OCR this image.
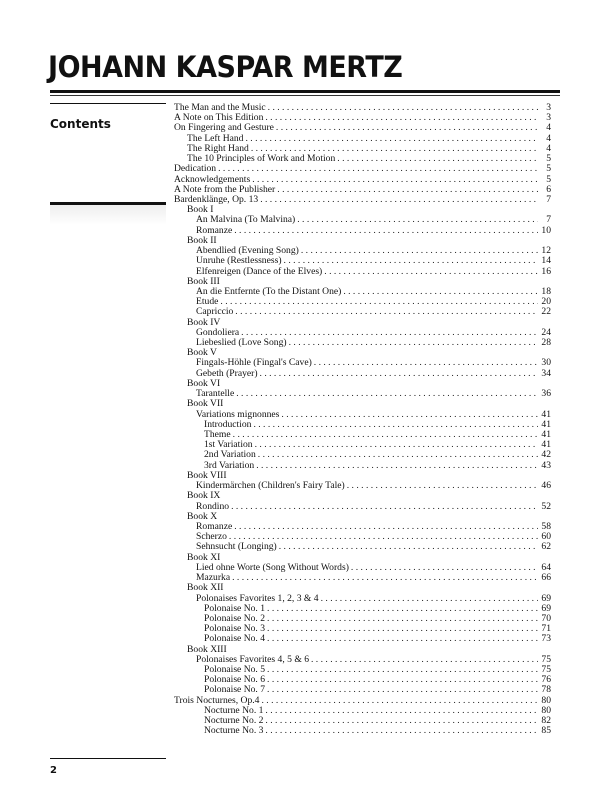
JOHANN KASPAR MERTZ
Contents
The Man and the Music . . .	3
A Note on This Edition . . .	3
On Fingering and Gesture . . .	4
The Left Hand . . .	4
The Right Hand . . .	4
The 10 Principles of Work and Motion . . .	5
Dedication . . .	5
Acknowledgements . . .	5
A Note from the Publisher . . .	6
Bardenklänge, Op. 13 . . .	7
Book I
An Malvina (To Malvina) . . .	7
Romanze . . .	10
Book II
Abendlied (Evening Song) . . .	12
Unruhe (Restlessness) . . .	14
Elfenreigen (Dance of the Elves) . . .	16
Book III
An die Entfernte (To the Distant One) . . .	18
Etude . . .	20
Capriccio . . .	22
Book IV
Gondoliera . . .	24
Liebeslied (Love Song) . . .	28
Book V
Fingals-Höhle (Fingal's Cave) . . .	30
Gebeth (Prayer) . . .	34
Book VI
Tarantelle . . .	36
Book VII
Variations mignonnes . . .	41
Introduction . . .	41
Theme . . .	41
1st Variation . . .	41
2nd Variation . . .	42
3rd Variation . . .	43
Book VIII
Kindermärchen (Children's Fairy Tale) . . .	46
Book IX
Rondino . . .	52
Book X
Romanze . . .	58
Scherzo . . .	60
Sehnsucht (Longing) . . .	62
Book XI
Lied ohne Worte (Song Without Words) . . .	64
Mazurka . . .	66
Book XII
Polonaises Favorites 1, 2, 3 & 4 . . .	69
Polonaise No. 1 . . .	69
Polonaise No. 2 . . .	70
Polonaise No. 3 . . .	71
Polonaise No. 4 . . .	73
Book XIII
Polonaises Favorites 4, 5 & 6 . . .	75
Polonaise No. 5 . . .	75
Polonaise No. 6 . . .	76
Polonaise No. 7 . . .	78
Trois Nocturnes, Op.4 . . .	80
Nocturne No. 1 . . .	80
Nocturne No. 2 . . .	82
Nocturne No. 3 . . .	85
2
